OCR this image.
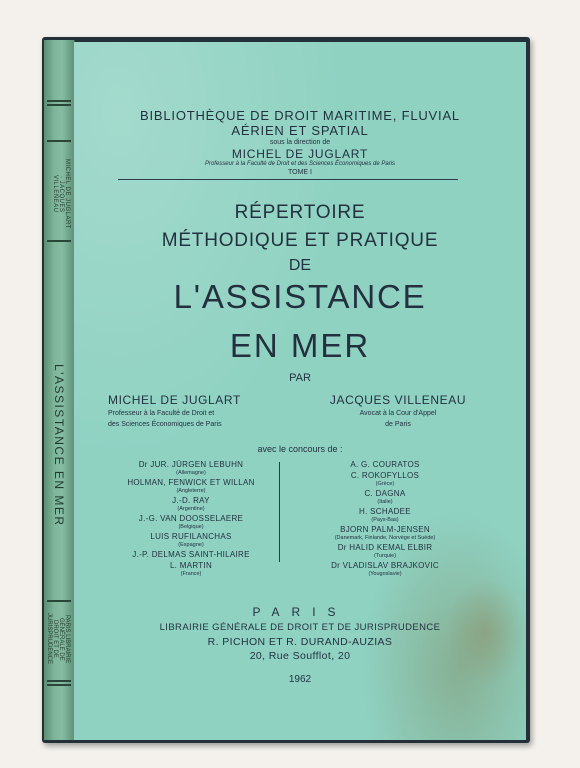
MICHEL DE JUGLART · JACQUES VILLENEAU
L'ASSISTANCE EN MER
PARIS LIBRAIRIE GÉNÉRALE DE DROIT ET DE JURISPRUDENCE
BIBLIOTHÈQUE DE DROIT MARITIME, FLUVIAL
AÉRIEN ET SPATIAL
sous la direction de
MICHEL DE JUGLART
Professeur à la Faculté de Droit et des Sciences Économiques de Paris
TOME I
RÉPERTOIRE
MÉTHODIQUE ET PRATIQUE
DE
L'ASSISTANCE
EN MER
PAR
MICHEL DE JUGLART
Professeur à la Faculté de Droit et
des Sciences Économiques de Paris
JACQUES VILLENEAU
Avocat à la Cour d'Appel
de Paris
avec le concours de :
Dr JUR. JÜRGEN LEBUHN
(Allemagne)
HOLMAN, FENWICK ET WILLAN
(Angleterre)
J.-D. RAY
(Argentine)
J.-G. VAN DOOSSELAERE
(Belgique)
LUIS RUFILANCHAS
(Espagne)
J.-P. DELMAS SAINT-HILAIRE
L. MARTIN
(France)
A. G. COURATOS
C. ROKOFYLLOS
(Grèce)
C. DAGNA
(Italie)
H. SCHADEE
(Pays-Bas)
BJORN PALM-JENSEN
(Danemark, Finlande, Norvège et Suède)
Dr HALID KEMAL ELBIR
(Turquie)
Dr VLADISLAV BRAJKOVIC
(Yougoslavie)
PARIS
LIBRAIRIE GÉNÉRALE DE DROIT ET DE JURISPRUDENCE
R. PICHON ET R. DURAND-AUZIAS
20, Rue Soufflot, 20
1962
